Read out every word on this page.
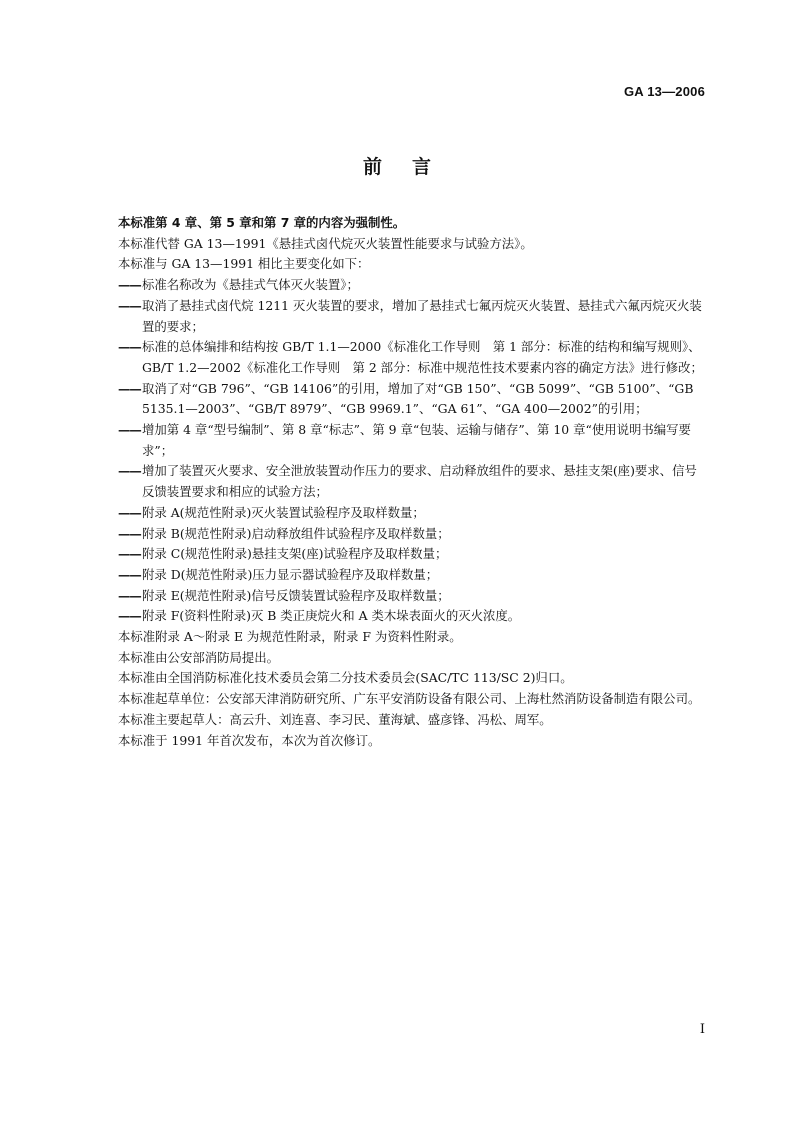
GA 13—2006
前言

本标准第 4 章、第 5 章和第 7 章的内容为强制性。

本标准代替 GA 13—1991《悬挂式卤代烷灭火装置性能要求与试验方法》。

本标准与 GA 13—1991 相比主要变化如下：

—— 标准名称改为《悬挂式气体灭火装置》；
—— 取消了悬挂式卤代烷 1211 灭火装置的要求，增加了悬挂式七氟丙烷灭火装置、悬挂式六氟丙烷灭火装置的要求；
—— 标准的总体编排和结构按 GB/T 1.1—2000《标准化工作导则　第 1 部分：标准的结构和编写规则》、GB/T 1.2—2002《标准化工作导则　第 2 部分：标准中规范性技术要素内容的确定方法》进行修改；
—— 取消了对“GB 796”、“GB 14106”的引用，增加了对“GB 150”、“GB 5099”、“GB 5100”、“GB 5135.1—2003”、“GB/T 8979”、“GB 9969.1”、“GA 61”、“GA 400—2002”的引用；
—— 增加第 4 章“型号编制”、第 8 章“标志”、第 9 章“包装、运输与储存”、第 10 章“使用说明书编写要求”；
—— 增加了装置灭火要求、安全泄放装置动作压力的要求、启动释放组件的要求、悬挂支架(座)要求、信号反馈装置要求和相应的试验方法；
—— 附录 A(规范性附录)灭火装置试验程序及取样数量；
—— 附录 B(规范性附录)启动释放组件试验程序及取样数量；
—— 附录 C(规范性附录)悬挂支架(座)试验程序及取样数量；
—— 附录 D(规范性附录)压力显示器试验程序及取样数量；
—— 附录 E(规范性附录)信号反馈装置试验程序及取样数量；
—— 附录 F(资料性附录)灭 B 类正庚烷火和 A 类木垛表面火的灭火浓度。

本标准附录 A～附录 E 为规范性附录，附录 F 为资料性附录。

本标准由公安部消防局提出。

本标准由全国消防标准化技术委员会第二分技术委员会(SAC/TC 113/SC 2)归口。

本标准起草单位：公安部天津消防研究所、广东平安消防设备有限公司、上海杜然消防设备制造有限公司。

本标准主要起草人：高云升、刘连喜、李习民、董海斌、盛彦锋、冯松、周军。

本标准于 1991 年首次发布，本次为首次修订。

I
